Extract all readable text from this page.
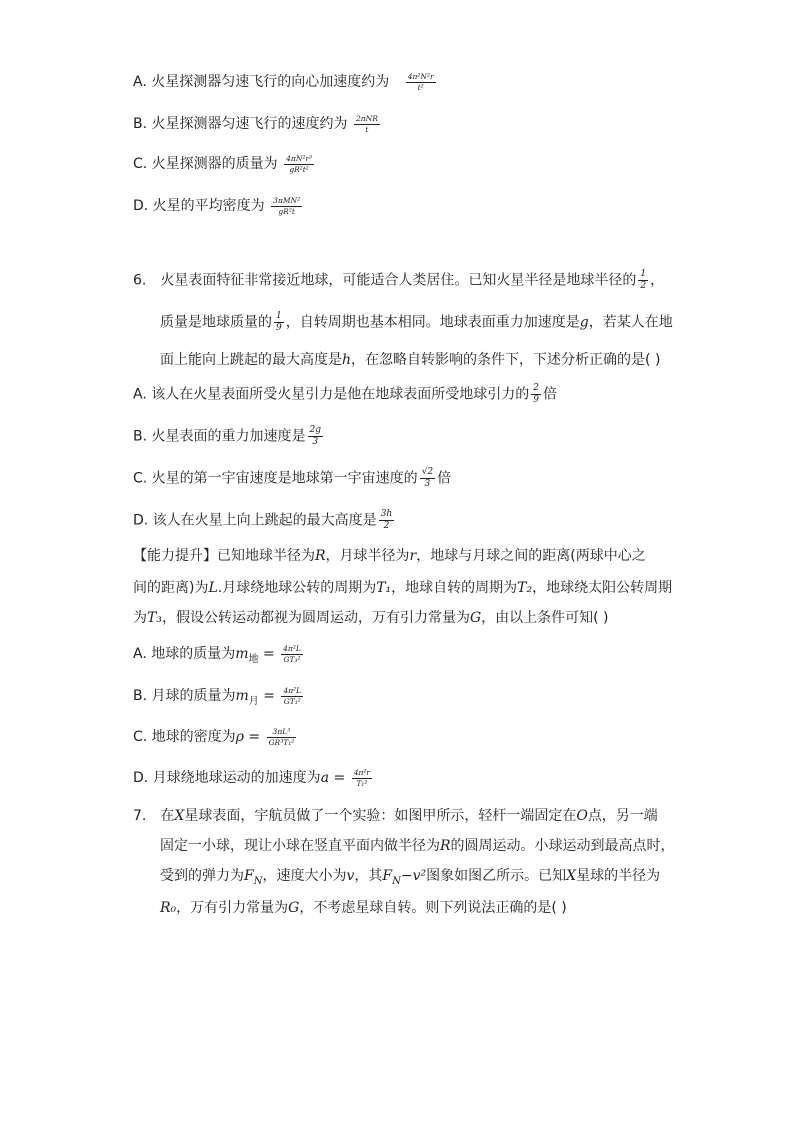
A. 火星探测器匀速飞行的向心加速度约为 $\frac{\text{4π²N²r}}{\text{t²}}$
B. 火星探测器匀速飞行的速度约为 $\frac{\text{2πNR}}{t}$
C. 火星探测器的质量为 $\frac{\text{4πN²r³}}{\text{gR²t²}}$
D. 火星的平均密度为 $\frac{\text{3πMN²}}{\text{gR²t}}$
6. 火星表面特征非常接近地球，可能适合人类居住。已知火星半径是地球半径的 $\frac{1}{2}$ ，
质量是地球质量的 $\frac{1}{9}$ ，自转周期也基本相同。地球表面重力加速度是g，若某人在地
面上能向上跳起的最大高度是h，在忽略自转影响的条件下，下述分析正确的是( )
A. 该人在火星表面所受火星引力是他在地球表面所受地球引力的 $\frac{2}{9}$ 倍
B. 火星表面的重力加速度是 $\frac{2g}{3}$
C. 火星的第一宇宙速度是地球第一宇宙速度的 $\frac{√2}{3}$ 倍
D. 该人在火星上向上跳起的最大高度是 $\frac{3h}{2}$
【能力提升】已知地球半径为R，月球半径为r，地球与月球之间的距离(两球中心之
间的距离)为L.月球绕地球公转的周期为T₁，地球自转的周期为T₂，地球绕太阳公转周期
为T₃，假设公转运动都视为圆周运动，万有引力常量为G，由以上条件可知( )
A. 地球的质量为$m_地 = \frac{\text{4π²L}}{\text{GT₃²}}$
B. 月球的质量为$m_月 = \frac{\text{4π²L}}{\text{GT₁²}}$
C. 地球的密度为$\rho = \frac{\text{3πL³}}{\text{GR³T₁²}}$
D. 月球绕地球运动的加速度为$a = \frac{\text{4π²r}}{\text{T₁²}}$
7. 在X星球表面，宇航员做了一个实验：如图甲所示，轻杆一端固定在O点，另一端
固定一小球，现让小球在竖直平面内做半径为R的圆周运动。小球运动到最高点时，
受到的弹力为$F_N$，速度大小为v，其$F_N-v^2$图象如图乙所示。已知X星球的半径为
R₀，万有引力常量为G，不考虑星球自转。则下列说法正确的是( )
